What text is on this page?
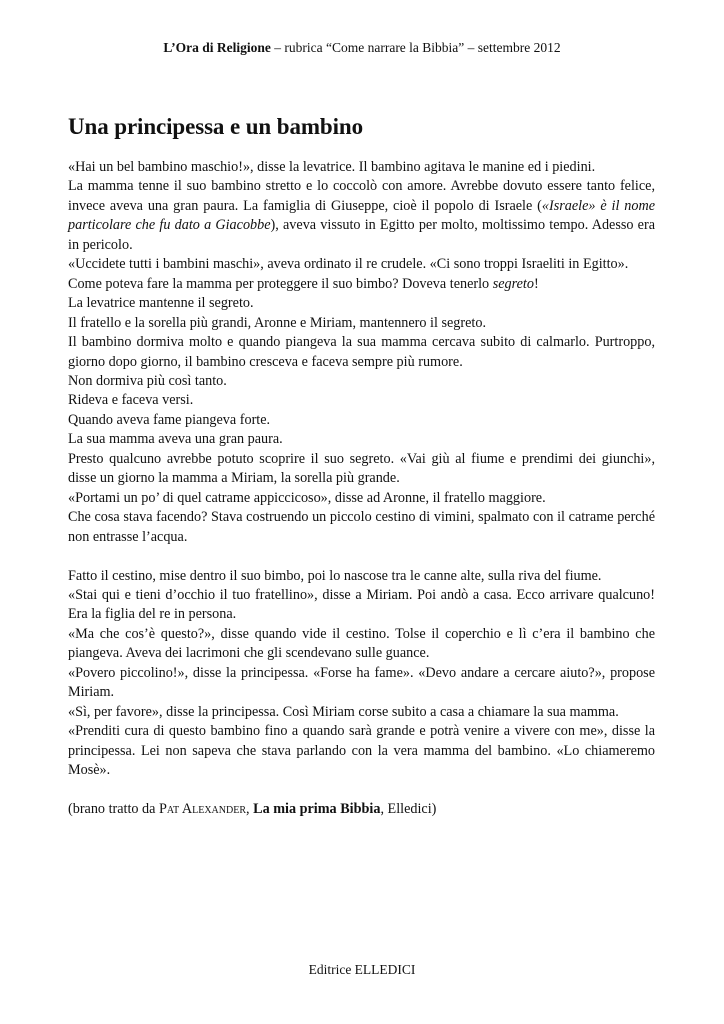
L’Ora di Religione – rubrica “Come narrare la Bibbia” – settembre 2012
Una principessa e un bambino

«Hai un bel bambino maschio!», disse la levatrice. Il bambino agitava le manine ed i piedini.

La mamma tenne il suo bambino stretto e lo coccolò con amore. Avrebbe dovuto essere tanto felice, invece aveva una gran paura. La famiglia di Giuseppe, cioè il popolo di Israele («Israele» è il nome particolare che fu dato a Giacobbe), aveva vissuto in Egitto per molto, moltissimo tempo. Adesso era in pericolo.

«Uccidete tutti i bambini maschi», aveva ordinato il re crudele. «Ci sono troppi Israeliti in Egitto».

Come poteva fare la mamma per proteggere il suo bimbo? Doveva tenerlo segreto!

La levatrice mantenne il segreto.

Il fratello e la sorella più grandi, Aronne e Miriam, mantennero il segreto.

Il bambino dormiva molto e quando piangeva la sua mamma cercava subito di calmarlo. Purtroppo, giorno dopo giorno, il bambino cresceva e faceva sempre più rumore.

Non dormiva più così tanto.

Rideva e faceva versi.

Quando aveva fame piangeva forte.

La sua mamma aveva una gran paura.

Presto qualcuno avrebbe potuto scoprire il suo segreto. «Vai giù al fiume e prendimi dei giunchi», disse un giorno la mamma a Miriam, la sorella più grande.

«Portami un po’ di quel catrame appiccicoso», disse ad Aronne, il fratello maggiore.

Che cosa stava facendo? Stava costruendo un piccolo cestino di vimini, spalmato con il catrame perché non entrasse l’acqua.

Fatto il cestino, mise dentro il suo bimbo, poi lo nascose tra le canne alte, sulla riva del fiume.

«Stai qui e tieni d’occhio il tuo fratellino», disse a Miriam. Poi andò a casa. Ecco arrivare qualcuno! Era la figlia del re in persona.

«Ma che cos’è questo?», disse quando vide il cestino. Tolse il coperchio e lì c’era il bambino che piangeva. Aveva dei lacrimoni che gli scendevano sulle guance.

«Povero piccolino!», disse la principessa. «Forse ha fame». «Devo andare a cercare aiuto?», propose Miriam.

«Sì, per favore», disse la principessa. Così Miriam corse subito a casa a chiamare la sua mamma.

«Prenditi cura di questo bambino fino a quando sarà grande e potrà venire a vivere con me», disse la principessa. Lei non sapeva che stava parlando con la vera mamma del bambino. «Lo chiameremo Mosè».

(brano tratto da Pat Alexander, La mia prima Bibbia, Elledici)

Editrice ELLEDICI
